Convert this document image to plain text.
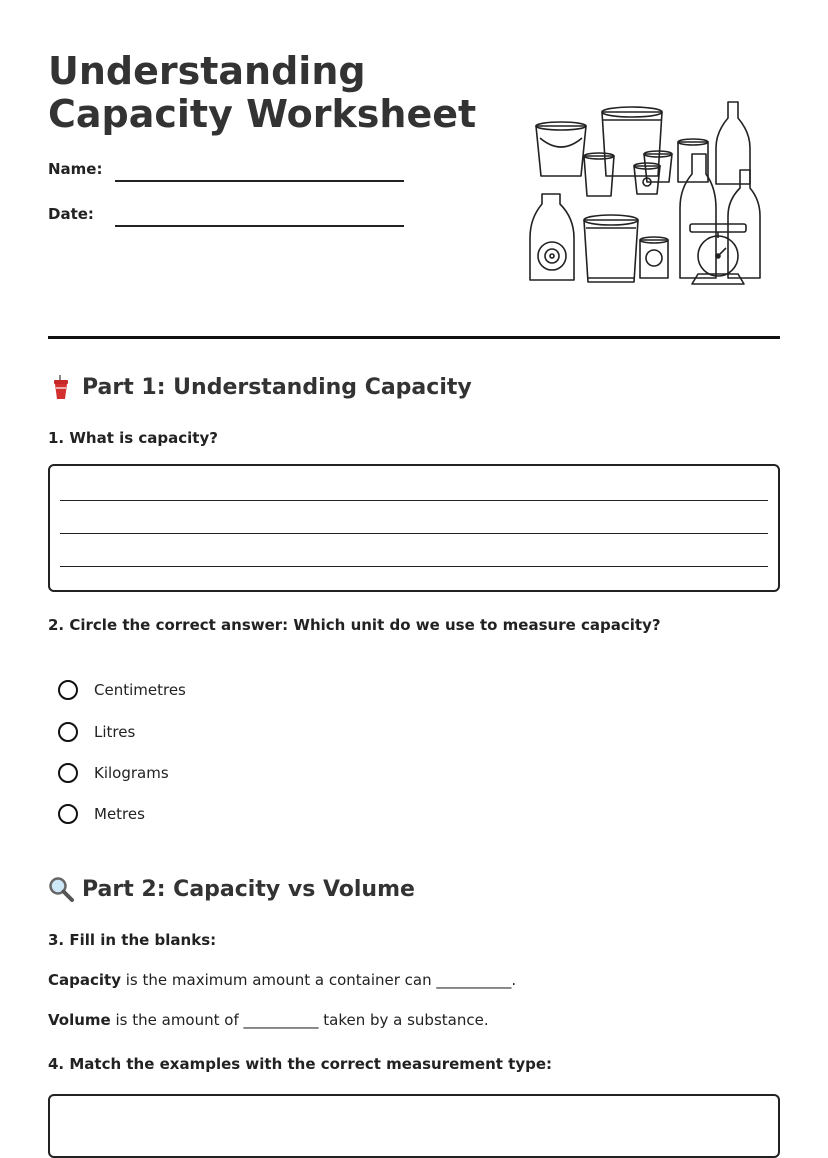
Understanding Capacity Worksheet
Name:
Date:
Part 1: Understanding Capacity
1. What is capacity?
2. Circle the correct answer: Which unit do we use to measure capacity?
Centimetres
Litres
Kilograms
Metres
Part 2: Capacity vs Volume
3. Fill in the blanks:
Capacity is the maximum amount a container can __________.
Volume is the amount of __________ taken by a substance.
4. Match the examples with the correct measurement type:
